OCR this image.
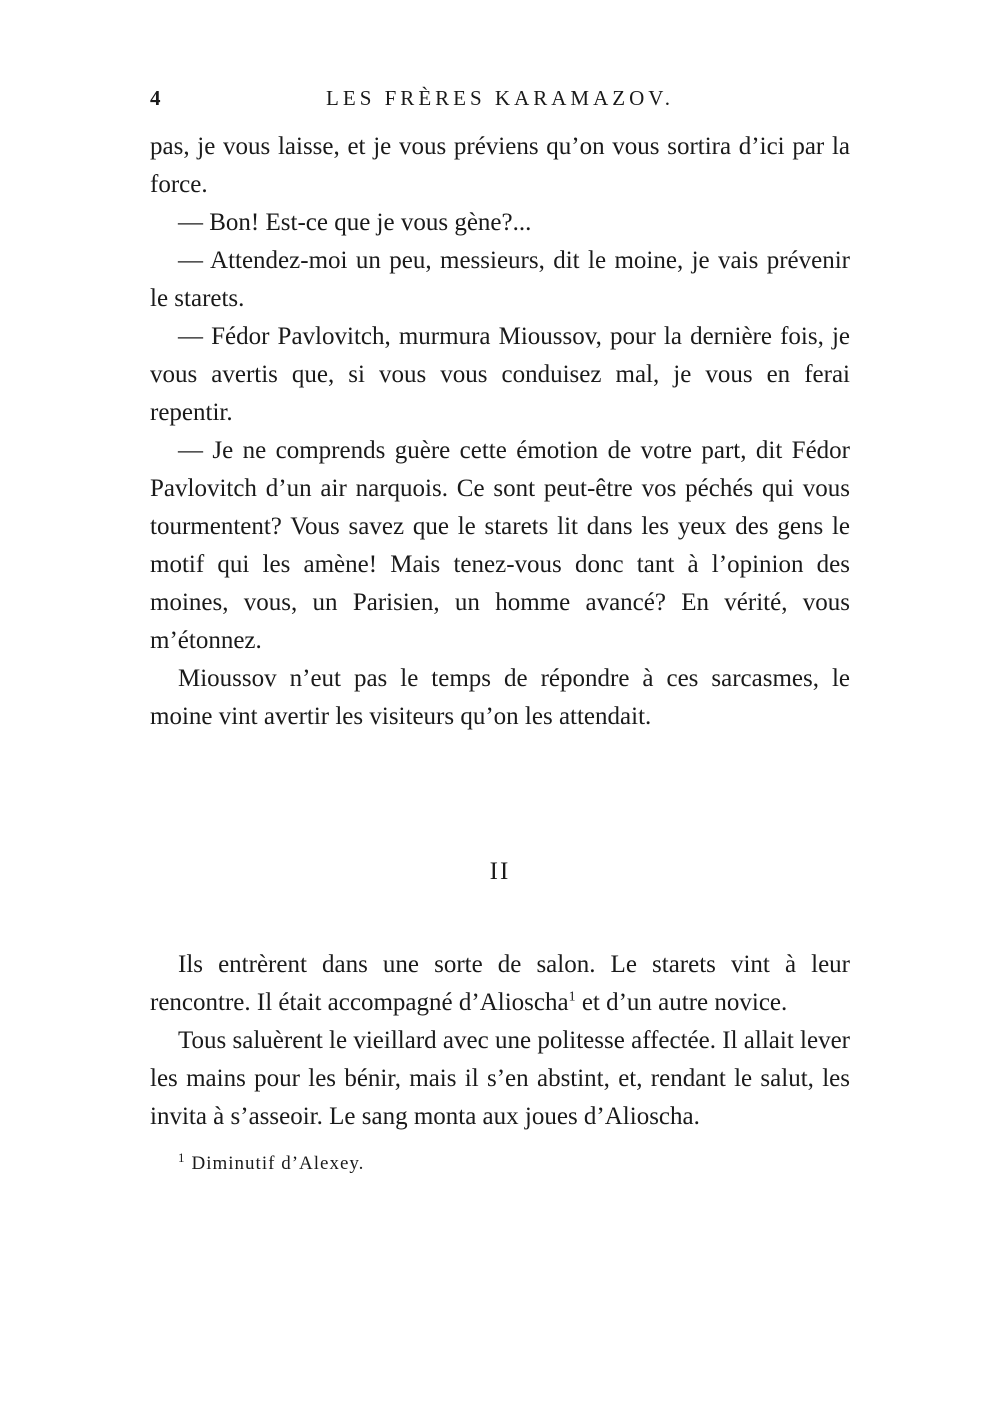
4	LES FRÈRES KARAMAZOV.

pas, je vous laisse, et je vous préviens qu’on vous sortira d’ici par la force.

— Bon! Est-ce que je vous gène?...

— Attendez-moi un peu, messieurs, dit le moine, je vais prévenir le starets.

— Fédor Pavlovitch, murmura Mioussov, pour la dernière fois, je vous avertis que, si vous vous conduisez mal, je vous en ferai repentir.

— Je ne comprends guère cette émotion de votre part, dit Fédor Pavlovitch d’un air narquois. Ce sont peut-être vos péchés qui vous tourmentent? Vous savez que le starets lit dans les yeux des gens le motif qui les amène! Mais tenez-vous donc tant à l’opinion des moines, vous, un Parisien, un homme avancé? En vérité, vous m’étonnez.

Mioussov n’eut pas le temps de répondre à ces sarcasmes, le moine vint avertir les visiteurs qu’on les attendait.

II

Ils entrèrent dans une sorte de salon. Le starets vint à leur rencontre. Il était accompagné d’Alioscha$^1$ et d’un autre novice.

Tous saluèrent le vieillard avec une politesse affectée. Il allait lever les mains pour les bénir, mais il s’en abstint, et, rendant le salut, les invita à s’asseoir. Le sang monta aux joues d’Alioscha.

$^1$ Diminutif d’Alexey.
